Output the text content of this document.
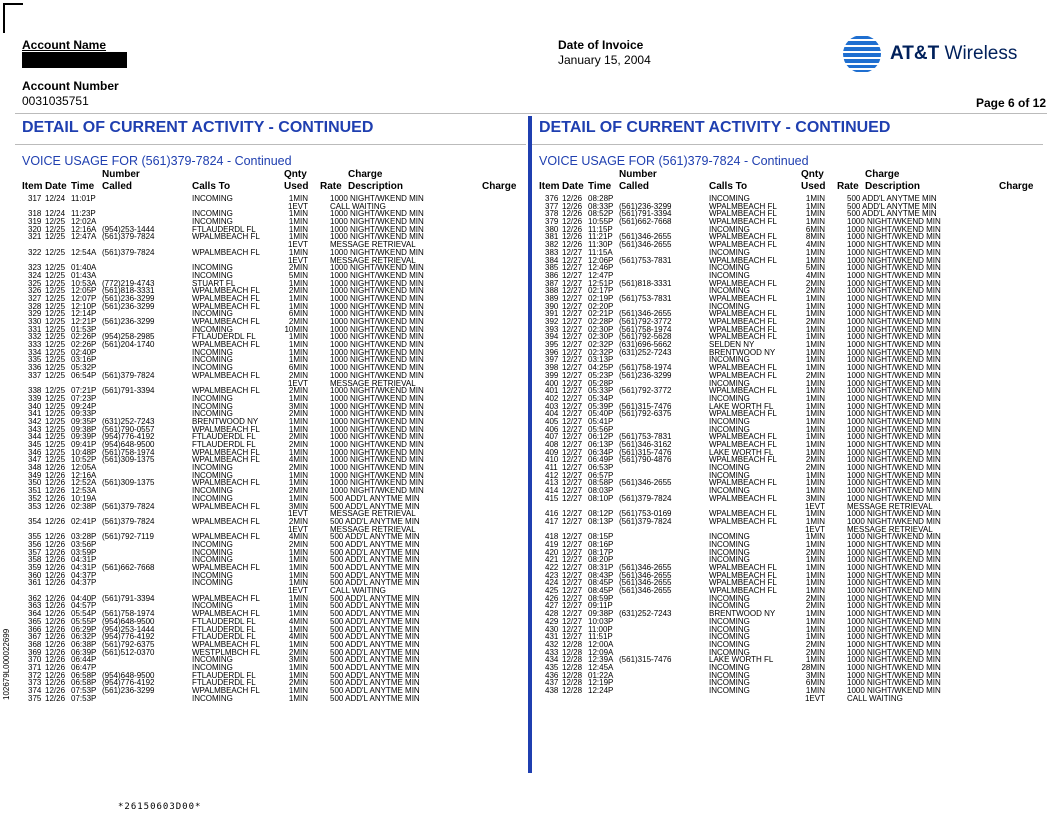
Account Name
Account Number
0031035751
Date of Invoice
January 15, 2004	AT&T Wireless
Page 6 of 12
DETAIL OF CURRENT ACTIVITY - CONTINUED
VOICE USAGE FOR (561)379-7824 - Continued
Number	Qnty	Charge
Item Date Time Called	Calls To	Used Rate Description	Charge
317 12/24 11:01P	INCOMING	1MIN	1000 NIGHT/WKEND MIN
1EVT	CALL WAITING
318 12/24 11:23P	INCOMING	1MIN	1000 NIGHT/WKEND MIN
319 12/25 12:02A	INCOMING	1MIN	1000 NIGHT/WKEND MIN
320 12/25 12:16A (954)253-1444	FTLAUDERDL FL	1MIN	1000 NIGHT/WKEND MIN
321 12/25 12:47A (561)379-7824	WPALMBEACH FL	1MIN	1000 NIGHT/WKEND MIN
1EVT	MESSAGE RETRIEVAL
322 12/25 12:54A (561)379-7824	WPALMBEACH FL	1MIN	1000 NIGHT/WKEND MIN
1EVT	MESSAGE RETRIEVAL
323 12/25 01:40A	INCOMING	2MIN	1000 NIGHT/WKEND MIN
324 12/25 01:43A	INCOMING	5MIN	1000 NIGHT/WKEND MIN
325 12/25 10:53A (772)219-4743	STUART FL	1MIN	1000 NIGHT/WKEND MIN
326 12/25 12:05P (561)818-3331	WPALMBEACH FL	2MIN	1000 NIGHT/WKEND MIN
327 12/25 12:07P (561)236-3299	WPALMBEACH FL	1MIN	1000 NIGHT/WKEND MIN
328 12/25 12:10P (561)236-3299	WPALMBEACH FL	1MIN	1000 NIGHT/WKEND MIN
329 12/25 12:14P	INCOMING	6MIN	1000 NIGHT/WKEND MIN
330 12/25 12:21P (561)236-3299	WPALMBEACH FL	2MIN	1000 NIGHT/WKEND MIN
331 12/25 01:53P	INCOMING	10MIN	1000 NIGHT/WKEND MIN
332 12/25 02:26P (954)258-2985	FTLAUDERDL FL	1MIN	1000 NIGHT/WKEND MIN
333 12/25 02:26P (561)204-1740	WPALMBEACH FL	1MIN	1000 NIGHT/WKEND MIN
334 12/25 02:40P	INCOMING	1MIN	1000 NIGHT/WKEND MIN
335 12/25 03:16P	INCOMING	1MIN	1000 NIGHT/WKEND MIN
336 12/25 05:32P	INCOMING	6MIN	1000 NIGHT/WKEND MIN
337 12/25 06:54P (561)379-7824	WPALMBEACH FL	2MIN	1000 NIGHT/WKEND MIN
1EVT	MESSAGE RETRIEVAL
338 12/25 07:21P (561)791-3394	WPALMBEACH FL	2MIN	1000 NIGHT/WKEND MIN
339 12/25 07:23P	INCOMING	1MIN	1000 NIGHT/WKEND MIN
340 12/25 09:24P	INCOMING	3MIN	1000 NIGHT/WKEND MIN
341 12/25 09:33P	INCOMING	2MIN	1000 NIGHT/WKEND MIN
342 12/25 09:35P (631)252-7243	BRENTWOOD NY	1MIN	1000 NIGHT/WKEND MIN
343 12/25 09:38P (561)790-0557	WPALMBEACH FL	1MIN	1000 NIGHT/WKEND MIN
344 12/25 09:39P (954)776-4192	FTLAUDERDL FL	2MIN	1000 NIGHT/WKEND MIN
345 12/25 09:41P (954)648-9500	FTLAUDERDL FL	2MIN	1000 NIGHT/WKEND MIN
346 12/25 10:48P (561)758-1974	WPALMBEACH FL	1MIN	1000 NIGHT/WKEND MIN
347 12/25 10:52P (561)309-1375	WPALMBEACH FL	4MIN	1000 NIGHT/WKEND MIN
348 12/26 12:05A	INCOMING	2MIN	1000 NIGHT/WKEND MIN
349 12/26 12:16A	INCOMING	1MIN	1000 NIGHT/WKEND MIN
350 12/26 12:52A (561)309-1375	WPALMBEACH FL	1MIN	1000 NIGHT/WKEND MIN
351 12/26 12:53A	INCOMING	2MIN	1000 NIGHT/WKEND MIN
352 12/26 10:19A	INCOMING	1MIN	500 ADD'L ANYTME MIN
353 12/26 02:38P (561)379-7824	WPALMBEACH FL	3MIN	500 ADD'L ANYTME MIN
1EVT	MESSAGE RETRIEVAL
354 12/26 02:41P (561)379-7824	WPALMBEACH FL	2MIN	500 ADD'L ANYTME MIN
1EVT	MESSAGE RETRIEVAL
355 12/26 03:28P (561)792-7119	WPALMBEACH FL	4MIN	500 ADD'L ANYTME MIN
356 12/26 03:56P	INCOMING	2MIN	500 ADD'L ANYTME MIN
357 12/26 03:59P	INCOMING	1MIN	500 ADD'L ANYTME MIN
358 12/26 04:31P	INCOMING	1MIN	500 ADD'L ANYTME MIN
359 12/26 04:31P (561)662-7668	WPALMBEACH FL	1MIN	500 ADD'L ANYTME MIN
360 12/26 04:37P	INCOMING	1MIN	500 ADD'L ANYTME MIN
361 12/26 04:37P	INCOMING	1MIN	500 ADD'L ANYTME MIN
1EVT	CALL WAITING
362 12/26 04:40P (561)791-3394	WPALMBEACH FL	1MIN	500 ADD'L ANYTME MIN
363 12/26 04:57P	INCOMING	1MIN	500 ADD'L ANYTME MIN
364 12/26 05:54P (561)758-1974	WPALMBEACH FL	1MIN	500 ADD'L ANYTME MIN
365 12/26 05:55P (954)648-9500	FTLAUDERDL FL	4MIN	500 ADD'L ANYTME MIN
366 12/26 06:29P (954)253-1444	FTLAUDERDL FL	1MIN	500 ADD'L ANYTME MIN
367 12/26 06:32P (954)776-4192	FTLAUDERDL FL	4MIN	500 ADD'L ANYTME MIN
368 12/26 06:38P (561)792-6375	WPALMBEACH FL	1MIN	500 ADD'L ANYTME MIN
369 12/26 06:39P (561)512-0370	WESTPLMBCH FL	2MIN	500 ADD'L ANYTME MIN
370 12/26 06:44P	INCOMING	3MIN	500 ADD'L ANYTME MIN
371 12/26 06:47P	INCOMING	1MIN	500 ADD'L ANYTME MIN
372 12/26 06:58P (954)648-9500	FTLAUDERDL FL	1MIN	500 ADD'L ANYTME MIN
373 12/26 06:58P (954)776-4192	FTLAUDERDL FL	2MIN	500 ADD'L ANYTME MIN
374 12/26 07:53P (561)236-3299	WPALMBEACH FL	1MIN	500 ADD'L ANYTME MIN
375 12/26 07:53P	INCOMING	1MIN	500 ADD'L ANYTME MIN
DETAIL OF CURRENT ACTIVITY - CONTINUED
VOICE USAGE FOR (561)379-7824 - Continued
Number	Qnty	Charge
Item Date Time Called	Calls To	Used Rate Description	Charge
376 12/26 08:28P	INCOMING	1MIN	500 ADD'L ANYTME MIN
377 12/26 08:33P (561)236-3299	WPALMBEACH FL	1MIN	500 ADD'L ANYTME MIN
378 12/26 08:52P (561)791-3394	WPALMBEACH FL	1MIN	500 ADD'L ANYTME MIN
379 12/26 10:55P (561)662-7668	WPALMBEACH FL	1MIN	1000 NIGHT/WKEND MIN
380 12/26 11:15P	INCOMING	6MIN	1000 NIGHT/WKEND MIN
381 12/26 11:21P (561)346-2655	WPALMBEACH FL	8MIN	1000 NIGHT/WKEND MIN
382 12/26 11:30P (561)346-2655	WPALMBEACH FL	4MIN	1000 NIGHT/WKEND MIN
383 12/27 11:15A	INCOMING	1MIN	1000 NIGHT/WKEND MIN
384 12/27 12:06P (561)753-7831	WPALMBEACH FL	1MIN	1000 NIGHT/WKEND MIN
385 12/27 12:46P	INCOMING	5MIN	1000 NIGHT/WKEND MIN
386 12/27 12:47P	INCOMING	4MIN	1000 NIGHT/WKEND MIN
387 12/27 12:51P (561)818-3331	WPALMBEACH FL	2MIN	1000 NIGHT/WKEND MIN
388 12/27 02:17P	INCOMING	2MIN	1000 NIGHT/WKEND MIN
389 12/27 02:19P (561)753-7831	WPALMBEACH FL	1MIN	1000 NIGHT/WKEND MIN
390 12/27 02:20P	INCOMING	1MIN	1000 NIGHT/WKEND MIN
391 12/27 02:21P (561)346-2655	WPALMBEACH FL	1MIN	1000 NIGHT/WKEND MIN
392 12/27 02:28P (561)792-3772	WPALMBEACH FL	2MIN	1000 NIGHT/WKEND MIN
393 12/27 02:30P (561)758-1974	WPALMBEACH FL	1MIN	1000 NIGHT/WKEND MIN
394 12/27 02:30P (561)792-5628	WPALMBEACH FL	1MIN	1000 NIGHT/WKEND MIN
395 12/27 02:32P (631)696-5662	SELDEN NY	1MIN	1000 NIGHT/WKEND MIN
396 12/27 02:32P (631)252-7243	BRENTWOOD NY	1MIN	1000 NIGHT/WKEND MIN
397 12/27 03:13P	INCOMING	1MIN	1000 NIGHT/WKEND MIN
398 12/27 04:25P (561)758-1974	WPALMBEACH FL	1MIN	1000 NIGHT/WKEND MIN
399 12/27 05:23P (561)236-3299	WPALMBEACH FL	2MIN	1000 NIGHT/WKEND MIN
400 12/27 05:28P	INCOMING	1MIN	1000 NIGHT/WKEND MIN
401 12/27 05:33P (561)792-3772	WPALMBEACH FL	1MIN	1000 NIGHT/WKEND MIN
402 12/27 05:34P	INCOMING	1MIN	1000 NIGHT/WKEND MIN
403 12/27 05:39P (561)315-7476	LAKE WORTH FL	1MIN	1000 NIGHT/WKEND MIN
404 12/27 05:40P (561)792-6375	WPALMBEACH FL	1MIN	1000 NIGHT/WKEND MIN
405 12/27 05:41P	INCOMING	1MIN	1000 NIGHT/WKEND MIN
406 12/27 05:56P	INCOMING	1MIN	1000 NIGHT/WKEND MIN
407 12/27 06:12P (561)753-7831	WPALMBEACH FL	1MIN	1000 NIGHT/WKEND MIN
408 12/27 06:13P (561)346-3162	WPALMBEACH FL	1MIN	1000 NIGHT/WKEND MIN
409 12/27 06:34P (561)315-7476	LAKE WORTH FL	1MIN	1000 NIGHT/WKEND MIN
410 12/27 06:49P (561)790-4876	WPALMBEACH FL	2MIN	1000 NIGHT/WKEND MIN
411 12/27 06:53P	INCOMING	2MIN	1000 NIGHT/WKEND MIN
412 12/27 06:57P	INCOMING	1MIN	1000 NIGHT/WKEND MIN
413 12/27 08:58P (561)346-2655	WPALMBEACH FL	1MIN	1000 NIGHT/WKEND MIN
414 12/27 08:03P	INCOMING	1MIN	1000 NIGHT/WKEND MIN
415 12/27 08:10P (561)379-7824	WPALMBEACH FL	3MIN	1000 NIGHT/WKEND MIN
1EVT	MESSAGE RETRIEVAL
416 12/27 08:12P (561)753-0169	WPALMBEACH FL	1MIN	1000 NIGHT/WKEND MIN
417 12/27 08:13P (561)379-7824	WPALMBEACH FL	1MIN	1000 NIGHT/WKEND MIN
1EVT	MESSAGE RETRIEVAL
418 12/27 08:15P	INCOMING	1MIN	1000 NIGHT/WKEND MIN
419 12/27 08:16P	INCOMING	1MIN	1000 NIGHT/WKEND MIN
420 12/27 08:17P	INCOMING	2MIN	1000 NIGHT/WKEND MIN
421 12/27 08:20P	INCOMING	1MIN	1000 NIGHT/WKEND MIN
422 12/27 08:31P (561)346-2655	WPALMBEACH FL	1MIN	1000 NIGHT/WKEND MIN
423 12/27 08:43P (561)346-2655	WPALMBEACH FL	1MIN	1000 NIGHT/WKEND MIN
424 12/27 08:45P (561)346-2655	WPALMBEACH FL	1MIN	1000 NIGHT/WKEND MIN
425 12/27 08:45P (561)346-2655	WPALMBEACH FL	1MIN	1000 NIGHT/WKEND MIN
426 12/27 08:59P	INCOMING	2MIN	1000 NIGHT/WKEND MIN
427 12/27 09:11P	INCOMING	2MIN	1000 NIGHT/WKEND MIN
428 12/27 09:38P (631)252-7243	BRENTWOOD NY	1MIN	1000 NIGHT/WKEND MIN
429 12/27 10:03P	INCOMING	1MIN	1000 NIGHT/WKEND MIN
430 12/27 11:00P	INCOMING	1MIN	1000 NIGHT/WKEND MIN
431 12/27 11:51P	INCOMING	1MIN	1000 NIGHT/WKEND MIN
432 12/28 12:00A	INCOMING	2MIN	1000 NIGHT/WKEND MIN
433 12/28 12:09A	INCOMING	2MIN	1000 NIGHT/WKEND MIN
434 12/28 12:39A (561)315-7476	LAKE WORTH FL	1MIN	1000 NIGHT/WKEND MIN
435 12/28 12:45A	INCOMING	28MIN	1000 NIGHT/WKEND MIN
436 12/28 01:22A	INCOMING	3MIN	1000 NIGHT/WKEND MIN
437 12/28 12:19P	INCOMING	6MIN	1000 NIGHT/WKEND MIN
438 12/28 12:24P	INCOMING	1MIN	1000 NIGHT/WKEND MIN
1EVT	CALL WAITING
102679L000022699
*26150603D00*
